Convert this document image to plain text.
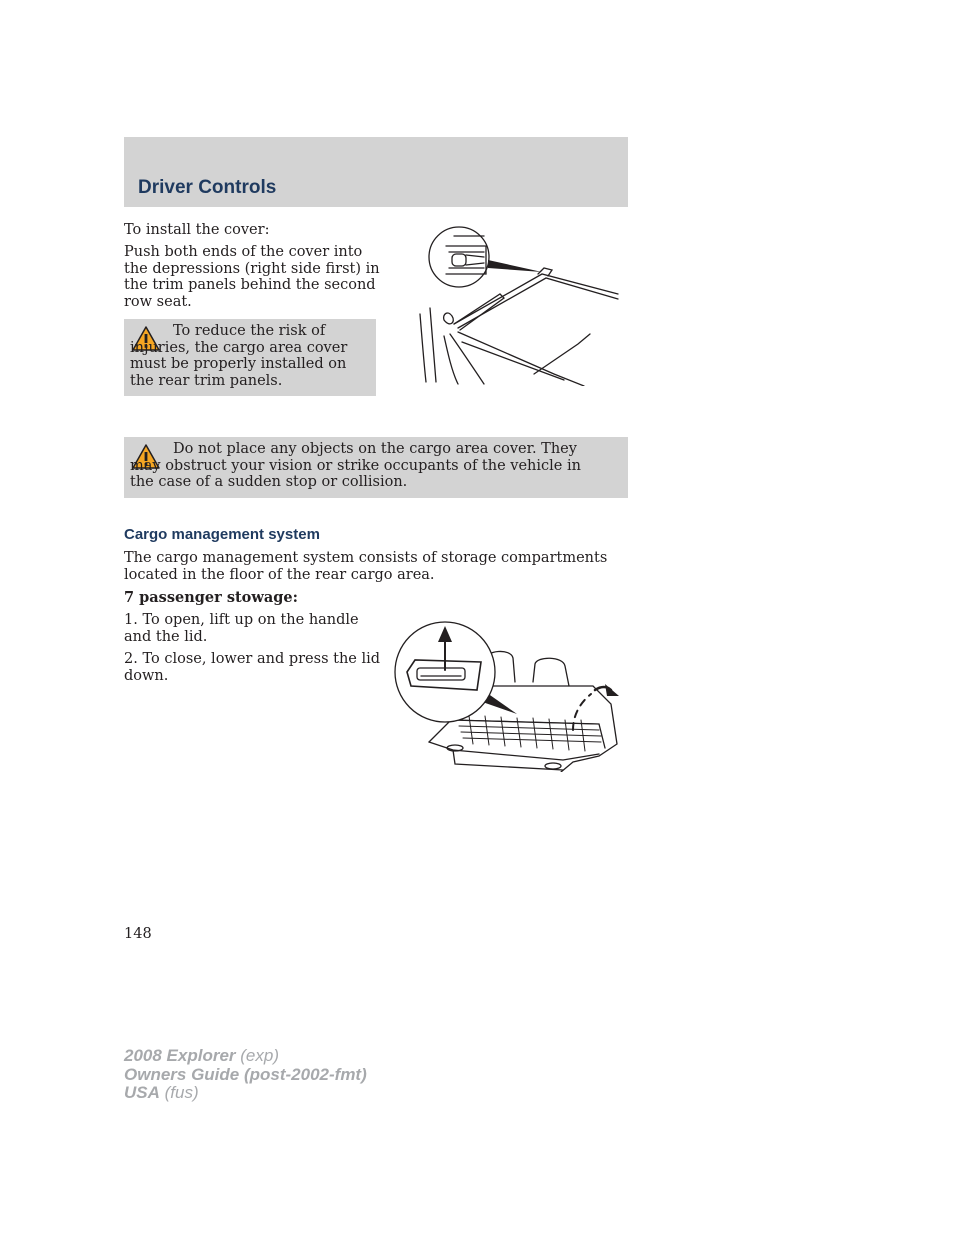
Driver Controls

To install the cover:

Push both ends of the cover into the depressions (right side first) in the trim panels behind the second row seat.

To reduce the risk of injuries, the cargo area cover must be properly installed on the rear trim panels.

Do not place any objects on the cargo area cover. They may obstruct your vision or strike occupants of the vehicle in the case of a sudden stop or collision.

Cargo management system

The cargo management system consists of storage compartments located in the floor of the rear cargo area.

7 passenger stowage:

1. To open, lift up on the handle and the lid.

2. To close, lower and press the lid down.

148
2008 Explorer (exp)
Owners Guide (post-2002-fmt)
USA (fus)
